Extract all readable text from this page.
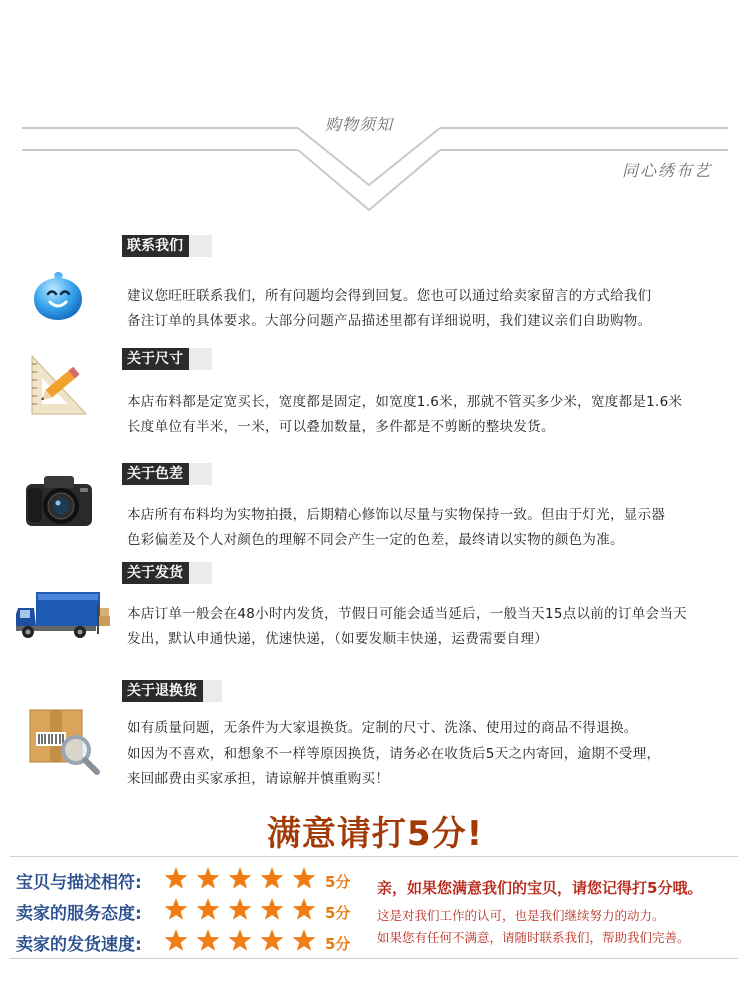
购物须知
同心绣布艺
联系我们
建议您旺旺联系我们，所有问题均会得到回复。您也可以通过给卖家留言的方式给我们
备注订单的具体要求。大部分问题产品描述里都有详细说明，我们建议亲们自助购物。
关于尺寸
本店布料都是定宽买长，宽度都是固定，如宽度1.6米，那就不管买多少米，宽度都是1.6米
长度单位有半米，一米，可以叠加数量，多件都是不剪断的整块发货。
关于色差
本店所有布料均为实物拍摄，后期精心修饰以尽量与实物保持一致。但由于灯光，显示器
色彩偏差及个人对颜色的理解不同会产生一定的色差，最终请以实物的颜色为准。
关于发货
本店订单一般会在48小时内发货，节假日可能会适当延后，一般当天15点以前的订单会当天
发出，默认申通快递，优速快递，（如要发顺丰快递，运费需要自理）
关于退换货
如有质量问题，无条件为大家退换货。定制的尺寸、洗涤、使用过的商品不得退换。
如因为不喜欢，和想象不一样等原因换货，请务必在收货后5天之内寄回，逾期不受理，
来回邮费由买家承担，请谅解并慎重购买！
满意请打5分!
宝贝与描述相符:	5分
卖家的服务态度:	5分
卖家的发货速度:	5分
亲，如果您满意我们的宝贝，请您记得打5分哦。
这是对我们工作的认可，也是我们继续努力的动力。
如果您有任何不满意，请随时联系我们，帮助我们完善。
